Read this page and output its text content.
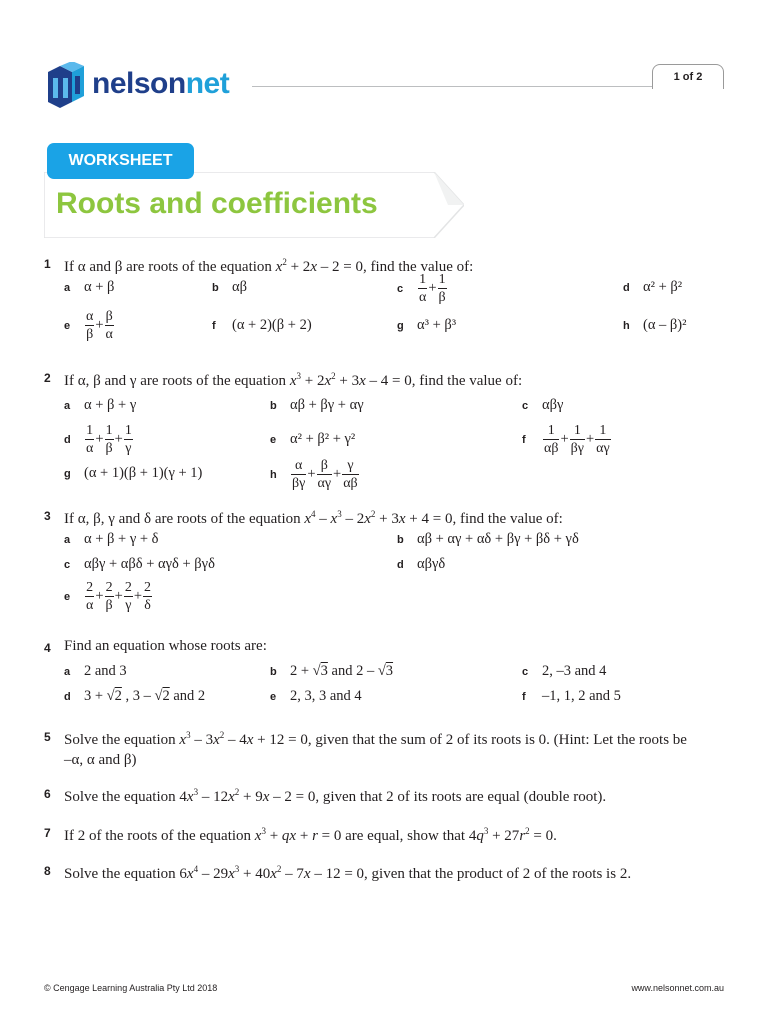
nelsonnet	1 of 2
WORKSHEET
Roots and coefficients
1 If α and β are roots of the equation $x^2 + 2x - 2 = 0$, find the value of:
a α + β	b αβ	c $\frac{1}{\alpha} + \frac{1}{\beta}$	d α² + β²
e $\frac{\alpha}{\beta} + \frac{\beta}{\alpha}$	f (α + 2)(β + 2)	g α³ + β³	h (α – β)²
2 If α, β and γ are roots of the equation $x^3 + 2x^2 + 3x - 4 = 0$, find the value of:
a α + β + γ	b αβ + βγ + αγ	c αβγ
d $\frac{1}{\alpha} + \frac{1}{\beta} + \frac{1}{\gamma}$	e α² + β² + γ²	f $\frac{1}{\alpha\beta} + \frac{1}{\beta\gamma} + \frac{1}{\alpha\gamma}$
g (α + 1)(β + 1)(γ + 1)	h $\frac{\alpha}{\beta\gamma} + \frac{\beta}{\alpha\gamma} + \frac{\gamma}{\alpha\beta}$
3 If α, β, γ and δ are roots of the equation $x^4 - x^3 - 2x^2 + 3x + 4 = 0$, find the value of:
a α + β + γ + δ	b αβ + αγ + αδ + βγ + βδ + γδ
c αβγ + αβδ + αγδ + βγδ	d αβγδ
e $\frac{2}{\alpha} + \frac{2}{\beta} + \frac{2}{\gamma} + \frac{2}{\delta}$
4 Find an equation whose roots are:
a 2 and 3	b 2 + √3 and 2 – √3	c 2, –3 and 4
d 3 + √2 , 3 – √2 and 2	e 2, 3, 3 and 4	f –1, 1, 2 and 5
5 Solve the equation $x^3 - 3x^2 - 4x + 12 = 0$, given that the sum of 2 of its roots is 0. (Hint: Let the roots be
–α, α and β)
6 Solve the equation $4x^3 - 12x^2 + 9x - 2 = 0$, given that 2 of its roots are equal (double root).
7 If 2 of the roots of the equation $x^3$ + qx + r = 0 are equal, show that $4q^3 + 27r^2 = 0$.
8 Solve the equation $6x^4 - 29x^3 + 40x^2 - 7x - 12 = 0$, given that the product of 2 of the roots is 2.
© Cengage Learning Australia Pty Ltd 2018	www.nelsonnet.com.au
